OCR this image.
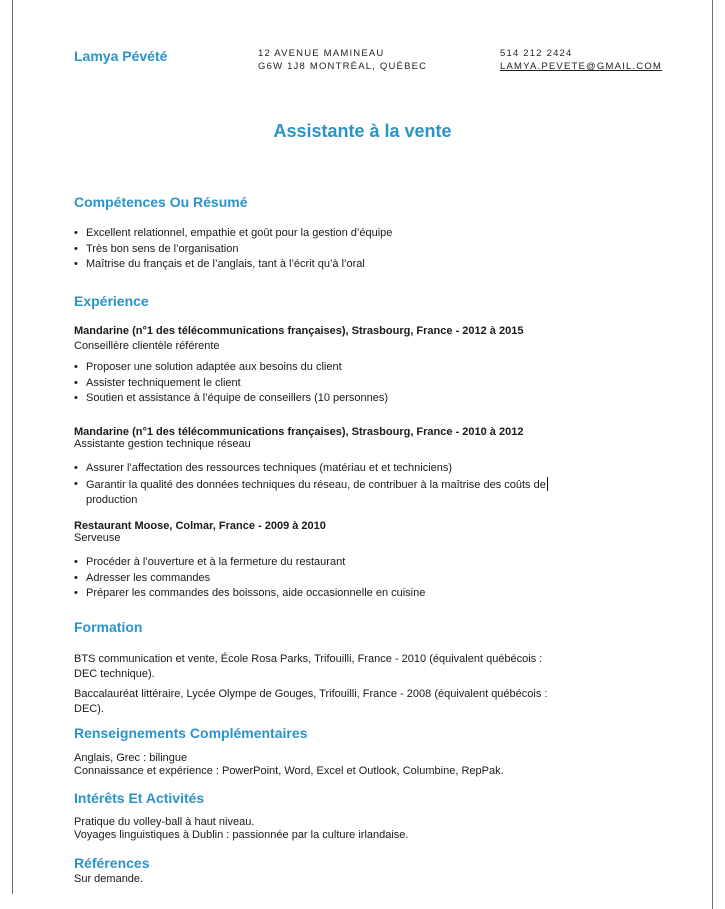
Lamya Pévété	12 AVENUE MAMINEAU
G6W 1J8 MONTRÉAL, QUÉBEC
514 212 2424
LAMYA.PEVETE@GMAIL.COM
Assistante à la vente
Compétences Ou Résumé
• Excellent relationnel, empathie et goût pour la gestion d’équipe
• Très bon sens de l’organisation
• Maîtrise du français et de l’anglais, tant à l’écrit qu’à l’oral
Expérience
Mandarine (n°1 des télécommunications françaises), Strasbourg, France - 2012 à 2015
Conseillère clientèle référente
• Proposer une solution adaptée aux besoins du client
• Assister techniquement le client
• Soutien et assistance à l’équipe de conseillers (10 personnes)
Mandarine (n°1 des télécommunications françaises), Strasbourg, France - 2010 à 2012
Assistante gestion technique réseau
• Assurer l’affectation des ressources techniques (matériau et et techniciens)
• Garantir la qualité des données techniques du réseau, de contribuer à la maîtrise des coûts de
production
Restaurant Moose, Colmar, France - 2009 à 2010
Serveuse
• Procéder à l’ouverture et à la fermeture du restaurant
• Adresser les commandes
• Préparer les commandes des boissons, aide occasionnelle en cuisine
Formation
BTS communication et vente, École Rosa Parks, Trifouilli, France - 2010 (équivalent québécois :
DEC technique).
Baccalauréat littéraire, Lycée Olympe de Gouges, Trifouilli, France - 2008 (équivalent québécois :
DEC).
Renseignements Complémentaires
Anglais, Grec : bilingue
Connaissance et expérience : PowerPoint, Word, Excel et Outlook, Columbine, RepPak.
Intérêts Et Activités
Pratique du volley-ball à haut niveau.
Voyages linguistiques à Dublin : passionnée par la culture irlandaise.
Références
Sur demande.
